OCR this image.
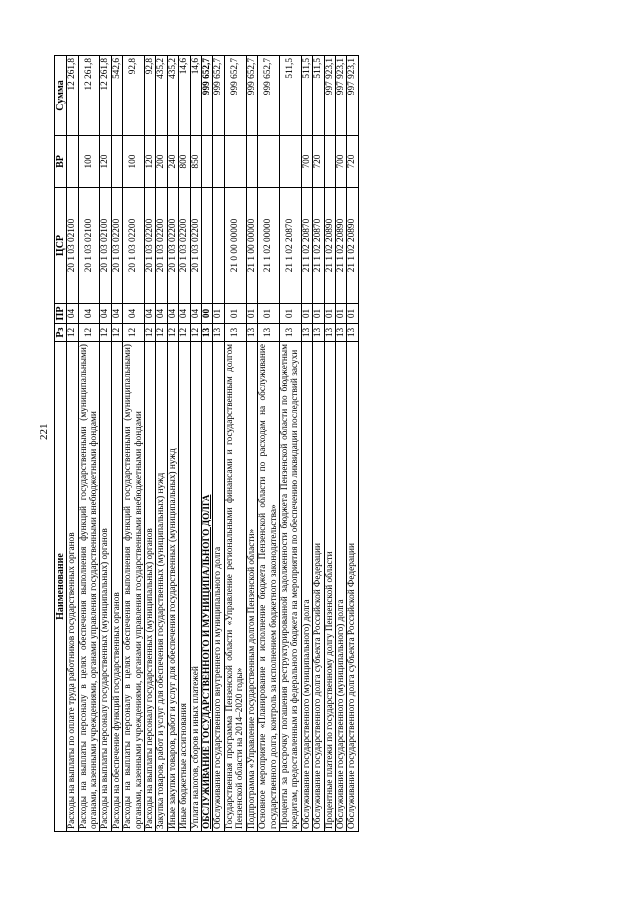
221
Наименование	Рз	ПР	ЦСР	ВР	Сумма
Расходы на выплаты по оплате труда работников государственных органов	12	04	20 1 03 02100		12 261,8
Расходы на выплаты персоналу в целях обеспечения выполнения функций государственными (муниципальными) органами, казенными учреждениями, органами управления государственными внебюджетными фондами	12	04	20 1 03 02100	100	12 261,8
Расходы на выплаты персоналу государственных (муниципальных) органов	12	04	20 1 03 02100	120	12 261,8
Расходы на обеспечение функций государственных органов	12	04	20 1 03 02200		542,6
Расходы на выплаты персоналу в целях обеспечения выполнения функций государственными (муниципальными) органами, казенными учреждениями, органами управления государственными внебюджетными фондами	12	04	20 1 03 02200	100	92,8
Расходы на выплаты персоналу государственных (муниципальных) органов	12	04	20 1 03 02200	120	92,8
Закупка товаров, работ и услуг для обеспечения государственных (муниципальных) нужд	12	04	20 1 03 02200	200	435,2
Иные закупки товаров, работ и услуг для обеспечения государственных (муниципальных) нужд	12	04	20 1 03 02200	240	435,2
Иные бюджетные ассигнования	12	04	20 1 03 02200	800	14,6
Уплата налогов, сборов и иных платежей	12	04	20 1 03 02200	850	14,6
ОБСЛУЖИВАНИЕ ГОСУДАРСТВЕННОГО И МУНИЦИПАЛЬНОГО ДОЛГА	13	00			999 652,7
Обслуживание государственного внутреннего и муниципального долга	13	01			999 652,7
Государственная программа Пензенской области «Управление региональными финансами и государственным долгом Пензенской области на 2014–2020 годы»	13	01	21 0 00 00000		999 652,7
Подпрограмма «Управление государственным долгом Пензенской области»	13	01	21 1 00 00000		999 652,7
Основное мероприятие «Планирование и исполнение бюджета Пензенской области по расходам на обслуживание государственного долга, контроль за исполнением бюджетного законодательства»	13	01	21 1 02 00000		999 652,7
Проценты за рассрочку погашения реструктурированной задолженности бюджета Пензенской области по бюджетным кредитам, предоставленным из федерального бюджета на мероприятия по обеспечению ликвидации последствий засухи	13	01	21 1 02 20870		511,5
Обслуживание государственного (муниципального) долга	13	01	21 1 02 20870	700	511,5
Обслуживание государственного долга субъекта Российской Федерации	13	01	21 1 02 20870	720	511,5
Процентные платежи по государственному долгу Пензенской области	13	01	21 1 02 20890		997 923,1
Обслуживание государственного (муниципального) долга	13	01	21 1 02 20890	700	997 923,1
Обслуживание государственного долга субъекта Российской Федерации	13	01	21 1 02 20890	720	997 923,1
